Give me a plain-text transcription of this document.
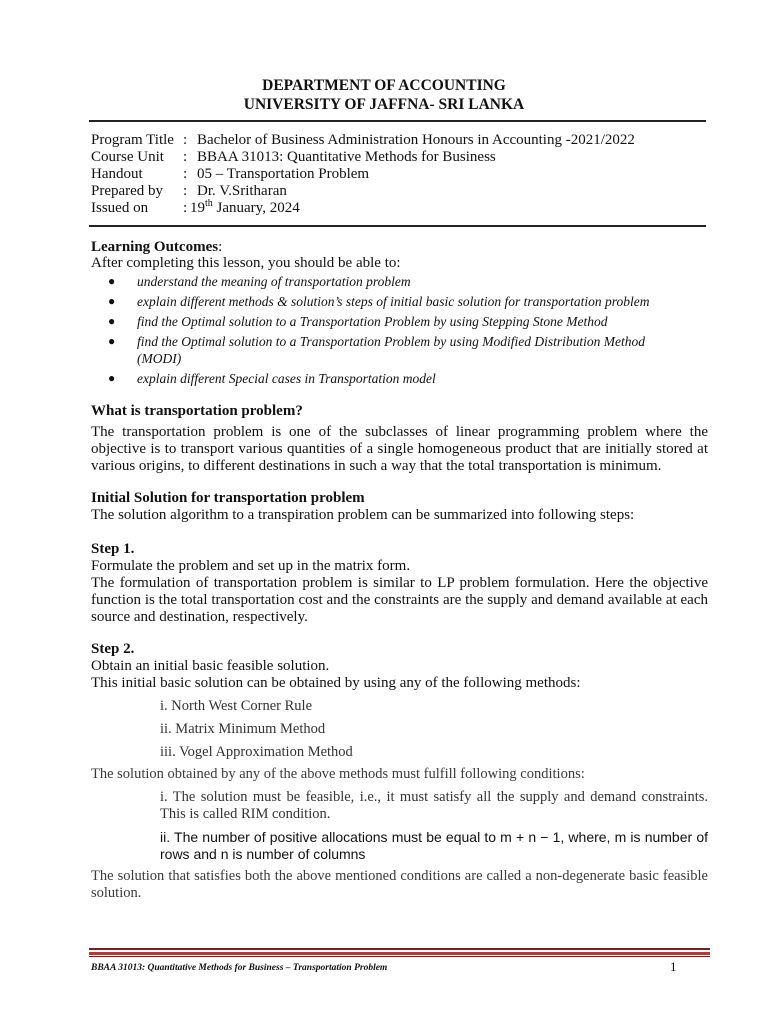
DEPARTMENT OF ACCOUNTING
UNIVERSITY OF JAFFNA- SRI LANKA
Program Title : Bachelor of Business Administration Honours in Accounting -2021/2022
Course Unit : BBAA 31013: Quantitative Methods for Business
Handout	: 05 – Transportation Problem
Prepared by : Dr. V.Sritharan
Issued on : 19th January, 2024
Learning Outcomes:
After completing this lesson, you should be able to:
● understand the meaning of transportation problem
● explain different methods & solution’s steps of initial basic solution for transportation problem
● find the Optimal solution to a Transportation Problem by using Stepping Stone Method
● find the Optimal solution to a Transportation Problem by using Modified Distribution Method (MODI)
● explain different Special cases in Transportation model
What is transportation problem?
The transportation problem is one of the subclasses of linear programming problem where the objective is to transport various quantities of a single homogeneous product that are initially stored at various origins, to different destinations in such a way that the total transportation is minimum.
Initial Solution for transportation problem
The solution algorithm to a transpiration problem can be summarized into following steps:
Step 1.
Formulate the problem and set up in the matrix form.
The formulation of transportation problem is similar to LP problem formulation. Here the objective function is the total transportation cost and the constraints are the supply and demand available at each source and destination, respectively.
Step 2.
Obtain an initial basic feasible solution.
This initial basic solution can be obtained by using any of the following methods:
i. North West Corner Rule
ii. Matrix Minimum Method
iii. Vogel Approximation Method
The solution obtained by any of the above methods must fulfill following conditions:
i. The solution must be feasible, i.e., it must satisfy all the supply and demand constraints. This is called RIM condition.
ii. The number of positive allocations must be equal to m + n − 1, where, m is number of rows and n is number of columns
The solution that satisfies both the above mentioned conditions are called a non-degenerate basic feasible solution.
BBAA 31013: Quantitative Methods for Business – Transportation Problem	1
